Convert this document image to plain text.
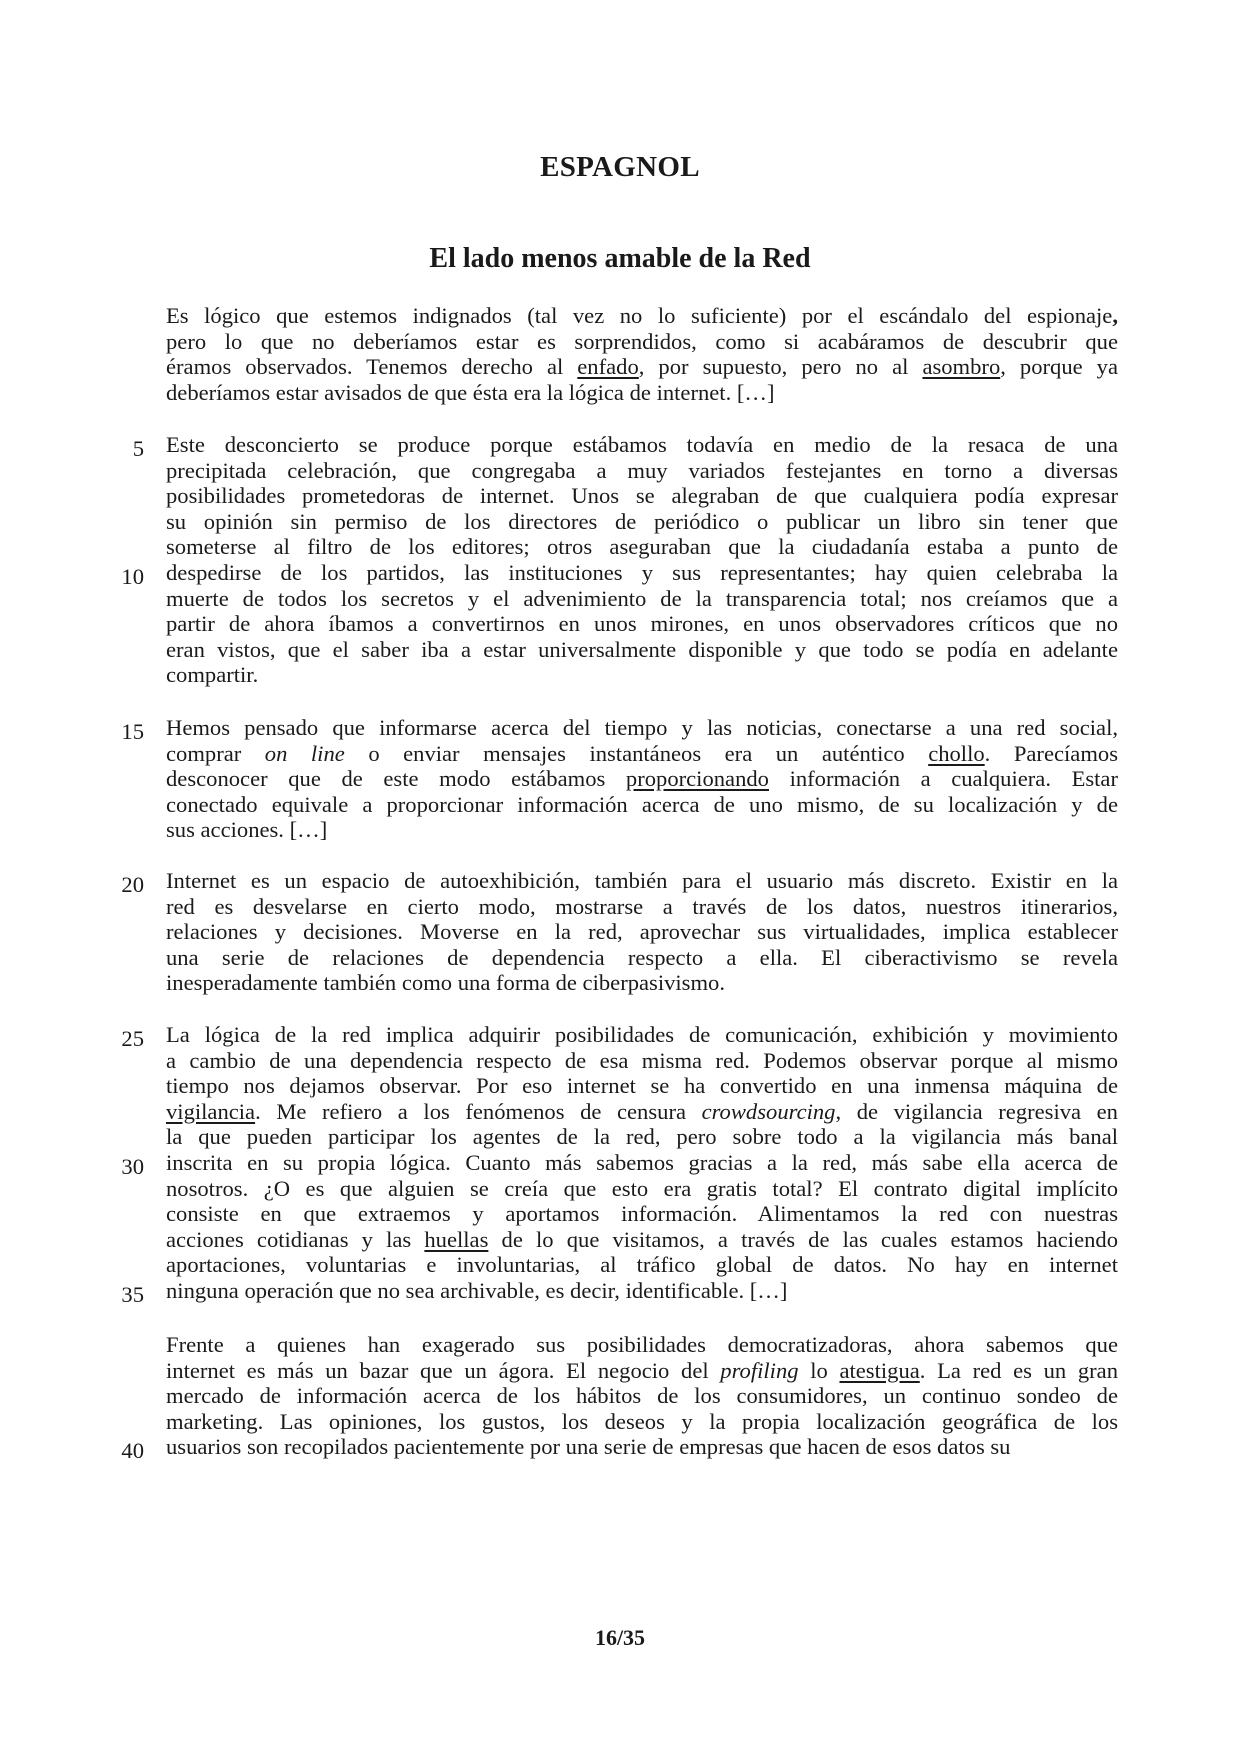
ESPAGNOL
El lado menos amable de la Red
Es lógico que estemos indignados (tal vez no lo suficiente) por el escándalo del espionaje,
pero lo que no deberíamos estar es sorprendidos, como si acabáramos de descubrir que
éramos observados. Tenemos derecho al enfado, por supuesto, pero no al asombro, porque ya
deberíamos estar avisados de que ésta era la lógica de internet. […]
Este desconcierto se produce porque estábamos todavía en medio de la resaca de una
precipitada celebración, que congregaba a muy variados festejantes en torno a diversas
posibilidades prometedoras de internet. Unos se alegraban de que cualquiera podía expresar
su opinión sin permiso de los directores de periódico o publicar un libro sin tener que
someterse al filtro de los editores; otros aseguraban que la ciudadanía estaba a punto de
despedirse de los partidos, las instituciones y sus representantes; hay quien celebraba la
muerte de todos los secretos y el advenimiento de la transparencia total; nos creíamos que a
partir de ahora íbamos a convertirnos en unos mirones, en unos observadores críticos que no
eran vistos, que el saber iba a estar universalmente disponible y que todo se podía en adelante
compartir.
Hemos pensado que informarse acerca del tiempo y las noticias, conectarse a una red social,
comprar on line o enviar mensajes instantáneos era un auténtico chollo. Parecíamos
desconocer que de este modo estábamos proporcionando información a cualquiera. Estar
conectado equivale a proporcionar información acerca de uno mismo, de su localización y de
sus acciones. […]
Internet es un espacio de autoexhibición, también para el usuario más discreto. Existir en la
red es desvelarse en cierto modo, mostrarse a través de los datos, nuestros itinerarios,
relaciones y decisiones. Moverse en la red, aprovechar sus virtualidades, implica establecer
una serie de relaciones de dependencia respecto a ella. El ciberactivismo se revela
inesperadamente también como una forma de ciberpasivismo.
La lógica de la red implica adquirir posibilidades de comunicación, exhibición y movimiento
a cambio de una dependencia respecto de esa misma red. Podemos observar porque al mismo
tiempo nos dejamos observar. Por eso internet se ha convertido en una inmensa máquina de
vigilancia. Me refiero a los fenómenos de censura crowdsourcing, de vigilancia regresiva en
la que pueden participar los agentes de la red, pero sobre todo a la vigilancia más banal
inscrita en su propia lógica. Cuanto más sabemos gracias a la red, más sabe ella acerca de
nosotros. ¿O es que alguien se creía que esto era gratis total? El contrato digital implícito
consiste en que extraemos y aportamos información. Alimentamos la red con nuestras
acciones cotidianas y las huellas de lo que visitamos, a través de las cuales estamos haciendo
aportaciones, voluntarias e involuntarias, al tráfico global de datos. No hay en internet
ninguna operación que no sea archivable, es decir, identificable. […]
Frente a quienes han exagerado sus posibilidades democratizadoras, ahora sabemos que
internet es más un bazar que un ágora. El negocio del profiling lo atestigua. La red es un gran
mercado de información acerca de los hábitos de los consumidores, un continuo sondeo de
marketing. Las opiniones, los gustos, los deseos y la propia localización geográfica de los
usuarios son recopilados pacientemente por una serie de empresas que hacen de esos datos su
5
10
15
20
25
30
35
40
16/35
